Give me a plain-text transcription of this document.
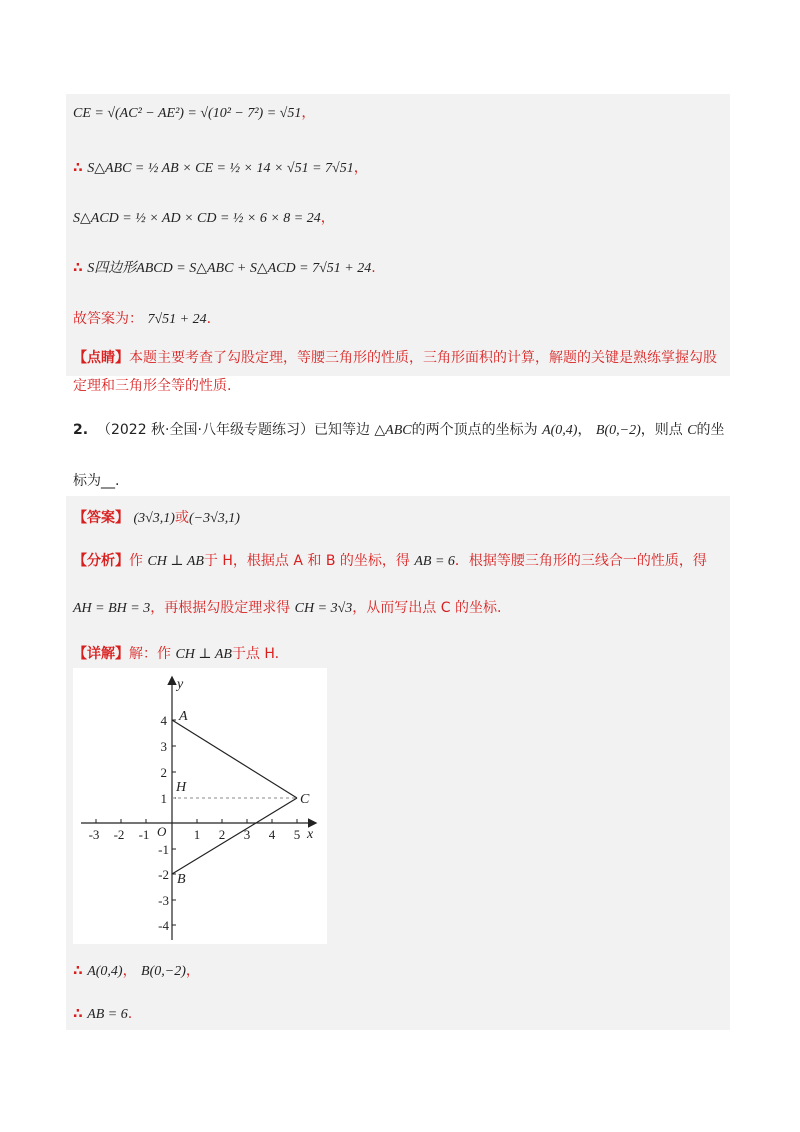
CE = √(AC² − AE²) = √(10² − 7²) = √51，
∴ S△ABC = ½ AB × CE = ½ × 14 × √51 = 7√51，
S△ACD = ½ × AD × CD = ½ × 6 × 8 = 24，
∴ S四边形ABCD = S△ABC + S△ACD = 7√51 + 24.
故答案为： 7√51 + 24.
【点睛】本题主要考查了勾股定理，等腰三角形的性质，三角形面积的计算，解题的关键是熟练掌握勾股定理和三角形全等的性质.
2. （2022 秋·全国·八年级专题练习）已知等边 △ABC的两个顶点的坐标为 A(0,4)， B(0,−2)，则点 C的坐
标为__.
【答案】 (3√3,1)或(−3√3,1)
【分析】作 CH ⊥ AB于 H，根据点 A 和 B 的坐标，得 AB = 6．根据等腰三角形的三线合一的性质，得
AH = BH = 3，再根据勾股定理求得 CH = 3√3，从而写出点 C 的坐标.
【详解】解：作 CH ⊥ AB于点 H.
-3 -2 -1	1 2 3 4 5
4
3
2
1
-1
-2
-3
-4
x
y
O
A
B
C
H
∴ A(0,4)， B(0,−2)，
∴ AB = 6.
